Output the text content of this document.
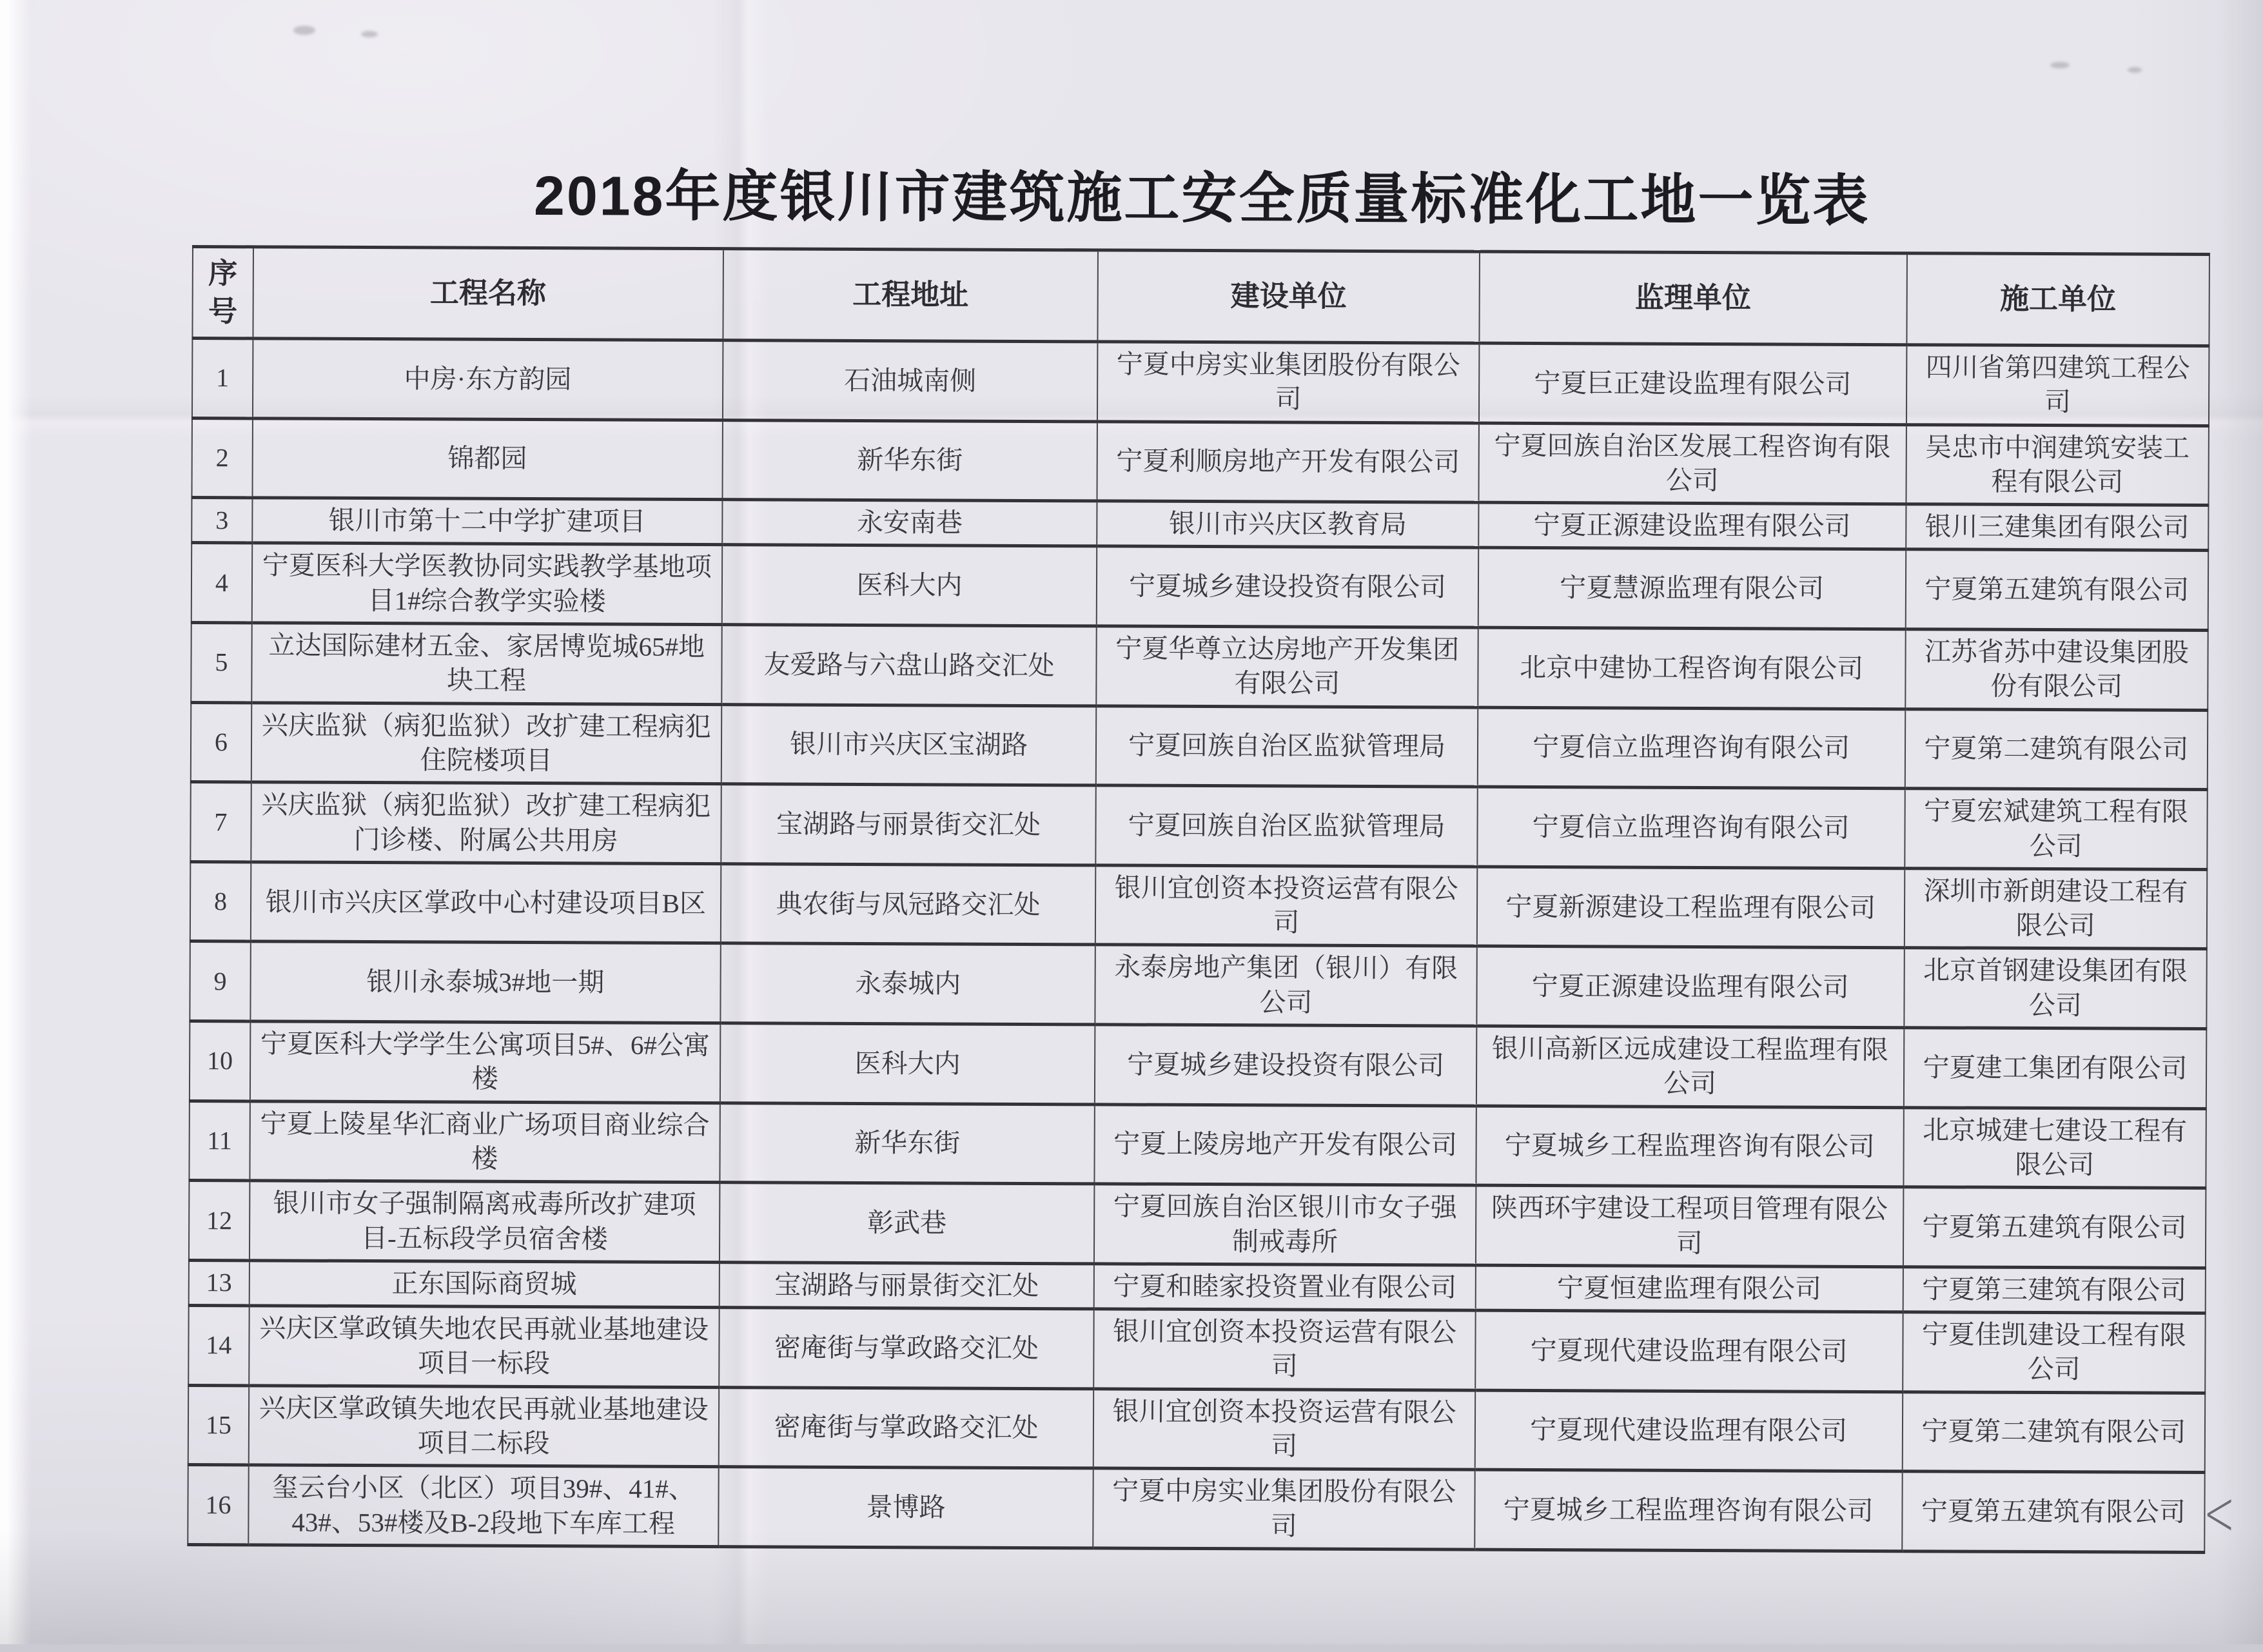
2018年度银川市建筑施工安全质量标准化工地一览表
序号	工程名称	工程地址	建设单位	监理单位	施工单位
1	中房·东方韵园	石油城南侧	宁夏中房实业集团股份有限公司	宁夏巨正建设监理有限公司	四川省第四建筑工程公司
2	锦都园	新华东街	宁夏利顺房地产开发有限公司	宁夏回族自治区发展工程咨询有限公司	吴忠市中润建筑安装工程有限公司
3	银川市第十二中学扩建项目	永安南巷	银川市兴庆区教育局	宁夏正源建设监理有限公司	银川三建集团有限公司
4	宁夏医科大学医教协同实践教学基地项目1#综合教学实验楼	医科大内	宁夏城乡建设投资有限公司	宁夏慧源监理有限公司	宁夏第五建筑有限公司
5	立达国际建材五金、家居博览城65#地块工程	友爱路与六盘山路交汇处	宁夏华尊立达房地产开发集团有限公司	北京中建协工程咨询有限公司	江苏省苏中建设集团股份有限公司
6	兴庆监狱（病犯监狱）改扩建工程病犯住院楼项目	银川市兴庆区宝湖路	宁夏回族自治区监狱管理局	宁夏信立监理咨询有限公司	宁夏第二建筑有限公司
7	兴庆监狱（病犯监狱）改扩建工程病犯门诊楼、附属公共用房	宝湖路与丽景街交汇处	宁夏回族自治区监狱管理局	宁夏信立监理咨询有限公司	宁夏宏斌建筑工程有限公司
8	银川市兴庆区掌政中心村建设项目B区	典农街与凤冠路交汇处	银川宜创资本投资运营有限公司	宁夏新源建设工程监理有限公司	深圳市新朗建设工程有限公司
9	银川永泰城3#地一期	永泰城内	永泰房地产集团（银川）有限公司	宁夏正源建设监理有限公司	北京首钢建设集团有限公司
10	宁夏医科大学学生公寓项目5#、6#公寓楼	医科大内	宁夏城乡建设投资有限公司	银川高新区远成建设工程监理有限公司	宁夏建工集团有限公司
11	宁夏上陵星华汇商业广场项目商业综合楼	新华东街	宁夏上陵房地产开发有限公司	宁夏城乡工程监理咨询有限公司	北京城建七建设工程有限公司
12	银川市女子强制隔离戒毒所改扩建项目-五标段学员宿舍楼	彰武巷	宁夏回族自治区银川市女子强制戒毒所	陕西环宇建设工程项目管理有限公司	宁夏第五建筑有限公司
13	正东国际商贸城	宝湖路与丽景街交汇处	宁夏和睦家投资置业有限公司	宁夏恒建监理有限公司	宁夏第三建筑有限公司
14	兴庆区掌政镇失地农民再就业基地建设项目一标段	密庵街与掌政路交汇处	银川宜创资本投资运营有限公司	宁夏现代建设监理有限公司	宁夏佳凯建设工程有限公司
15	兴庆区掌政镇失地农民再就业基地建设项目二标段	密庵街与掌政路交汇处	银川宜创资本投资运营有限公司	宁夏现代建设监理有限公司	宁夏第二建筑有限公司
16	玺云台小区（北区）项目39#、41#、43#、53#楼及B-2段地下车库工程	景博路	宁夏中房实业集团股份有限公司	宁夏城乡工程监理咨询有限公司	宁夏第五建筑有限公司 <
